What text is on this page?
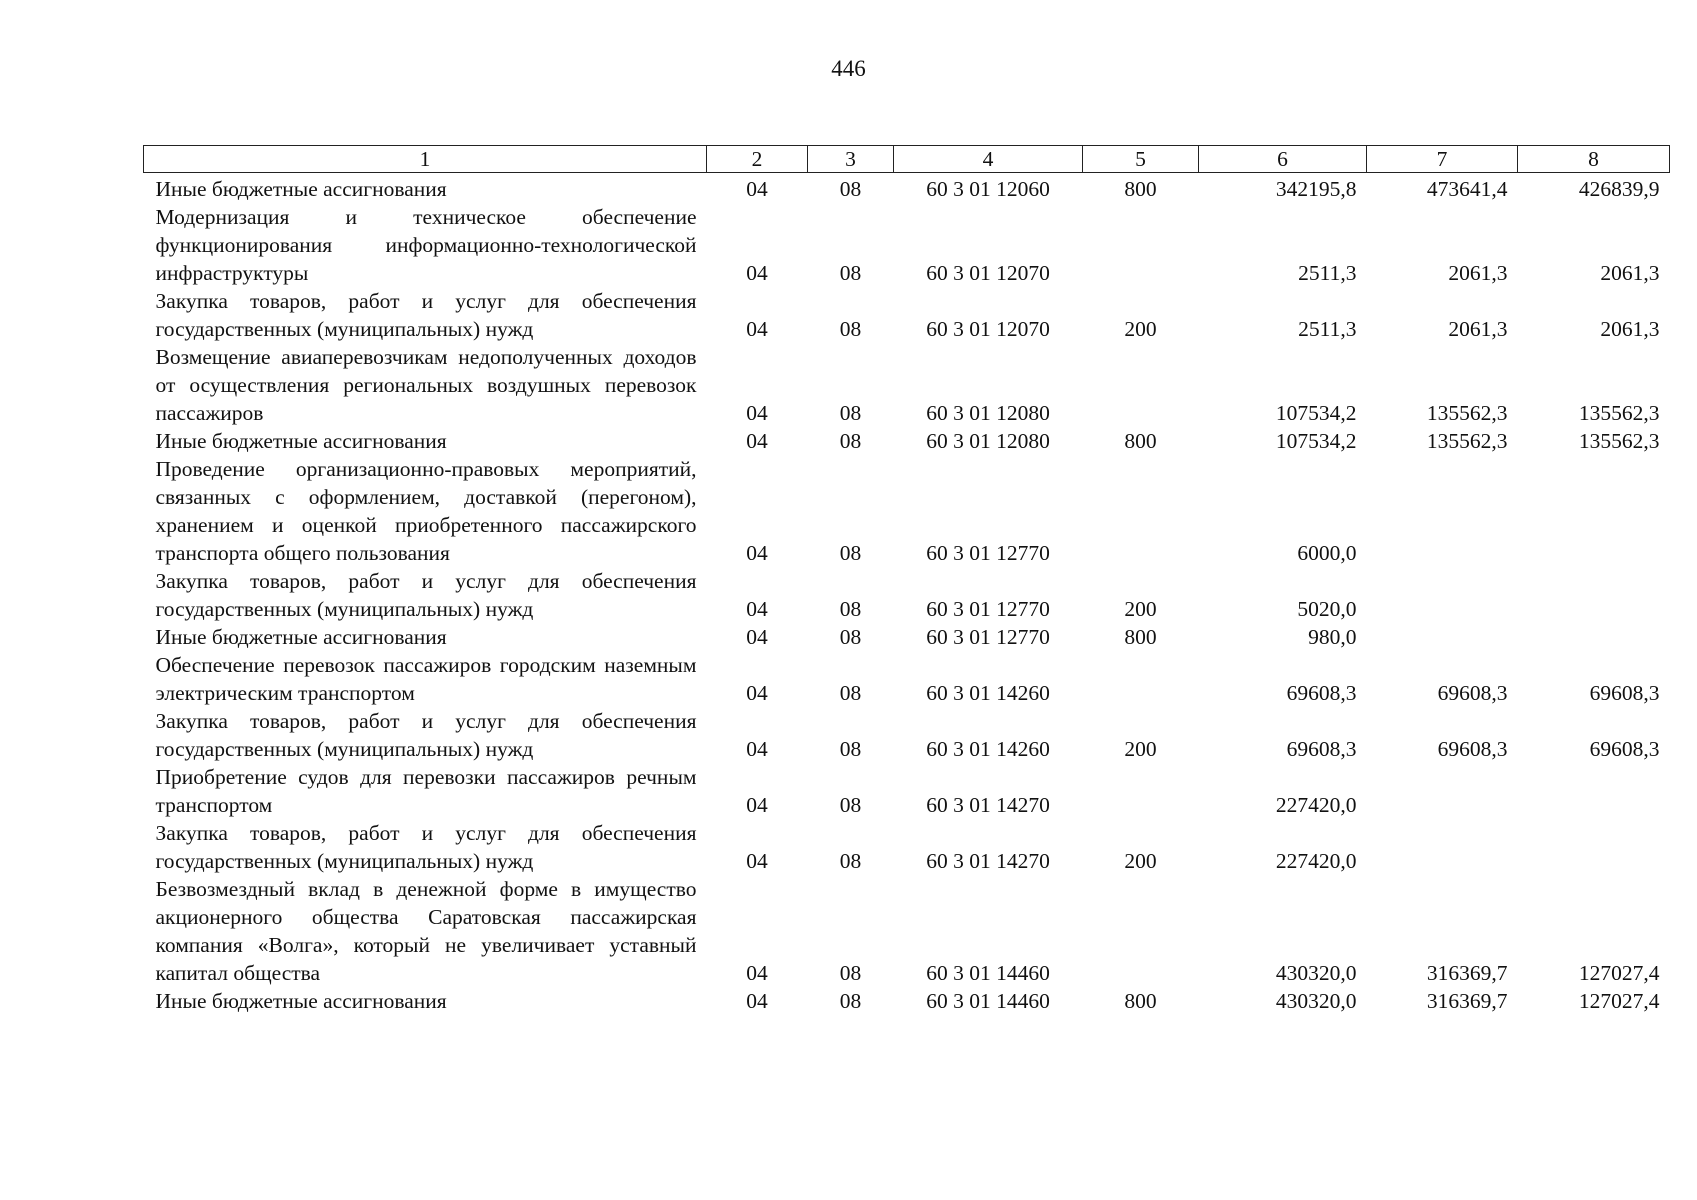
446
1	2	3	4	5	6	7	8
Иные бюджетные ассигнования	04	08	60 3 01 12060	800	342195,8	473641,4	426839,9
Модернизация и техническое обеспечение функционирования информационно-технологической инфраструктуры	04	08	60 3 01 12070		2511,3	2061,3	2061,3
Закупка товаров, работ и услуг для обеспечения государственных (муниципальных) нужд	04	08	60 3 01 12070	200	2511,3	2061,3	2061,3
Возмещение авиаперевозчикам недополученных доходов от осуществления региональных воздушных перевозок пассажиров	04	08	60 3 01 12080		107534,2	135562,3	135562,3
Иные бюджетные ассигнования	04	08	60 3 01 12080	800	107534,2	135562,3	135562,3
Проведение организационно-правовых мероприятий, связанных с оформлением, доставкой (перегоном), хранением и оценкой приобретенного пассажирского транспорта общего пользования	04	08	60 3 01 12770		6000,0		
Закупка товаров, работ и услуг для обеспечения государственных (муниципальных) нужд	04	08	60 3 01 12770	200	5020,0		
Иные бюджетные ассигнования	04	08	60 3 01 12770	800	980,0		
Обеспечение перевозок пассажиров городским наземным электрическим транспортом	04	08	60 3 01 14260		69608,3	69608,3	69608,3
Закупка товаров, работ и услуг для обеспечения государственных (муниципальных) нужд	04	08	60 3 01 14260	200	69608,3	69608,3	69608,3
Приобретение судов для перевозки пассажиров речным транспортом	04	08	60 3 01 14270		227420,0		
Закупка товаров, работ и услуг для обеспечения государственных (муниципальных) нужд	04	08	60 3 01 14270	200	227420,0		
Безвозмездный вклад в денежной форме в имущество акционерного общества Саратовская пассажирская компания «Волга», который не увеличивает уставный капитал общества	04	08	60 3 01 14460		430320,0	316369,7	127027,4
Иные бюджетные ассигнования	04	08	60 3 01 14460	800	430320,0	316369,7	127027,4
